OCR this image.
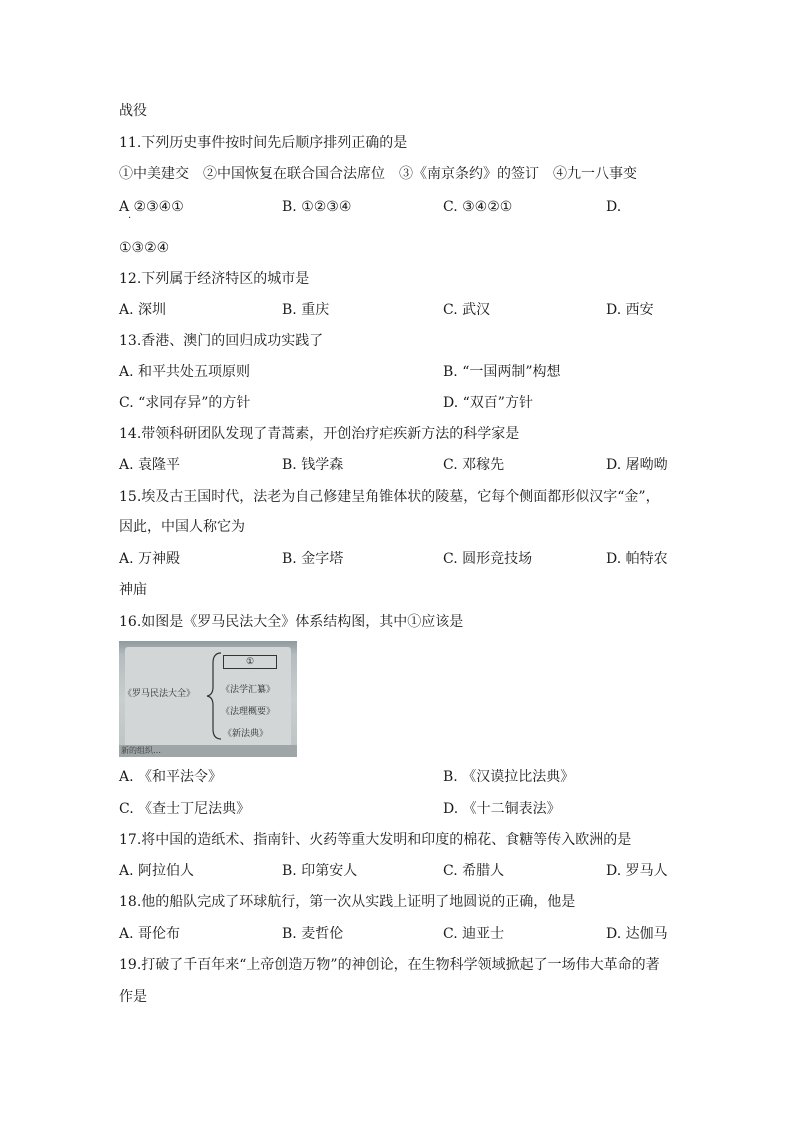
战役
11.下列历史事件按时间先后顺序排列正确的是
①中美建交　②中国恢复在联合国合法席位　③《南京条约》的签订　④九一八事变
A ②③④①	B. ①②③④	C. ③④②①	D.
·
①③②④
12.下列属于经济特区的城市是
A. 深圳	B. 重庆	C. 武汉	D. 西安
13.香港、澳门的回归成功实践了
A. 和平共处五项原则	B. “一国两制”构想
C. “求同存异”的方针	D. “双百”方针
14.带领科研团队发现了青蒿素，开创治疗疟疾新方法的科学家是
A. 袁隆平	B. 钱学森	C. 邓稼先	D. 屠呦呦
15.埃及古王国时代，法老为自己修建呈角锥体状的陵墓，它每个侧面都形似汉字“金”，
因此，中国人称它为
A. 万神殿	B. 金字塔	C. 圆形竞技场	D. 帕特农
神庙
16.如图是《罗马民法大全》体系结构图，其中①应该是
《罗马民法大全》
①
《法学汇纂》
《法理概要》
《新法典》
新的组织…
A. 《和平法令》	B. 《汉谟拉比法典》
C. 《查士丁尼法典》	D. 《十二铜表法》
17.将中国的造纸术、指南针、火药等重大发明和印度的棉花、食糖等传入欧洲的是
A. 阿拉伯人	B. 印第安人	C. 希腊人	D. 罗马人
18.他的船队完成了环球航行，第一次从实践上证明了地圆说的正确，他是
A. 哥伦布	B. 麦哲伦	C. 迪亚士	D. 达伽马
19.打破了千百年来“上帝创造万物”的神创论，在生物科学领域掀起了一场伟大革命的著
作是
